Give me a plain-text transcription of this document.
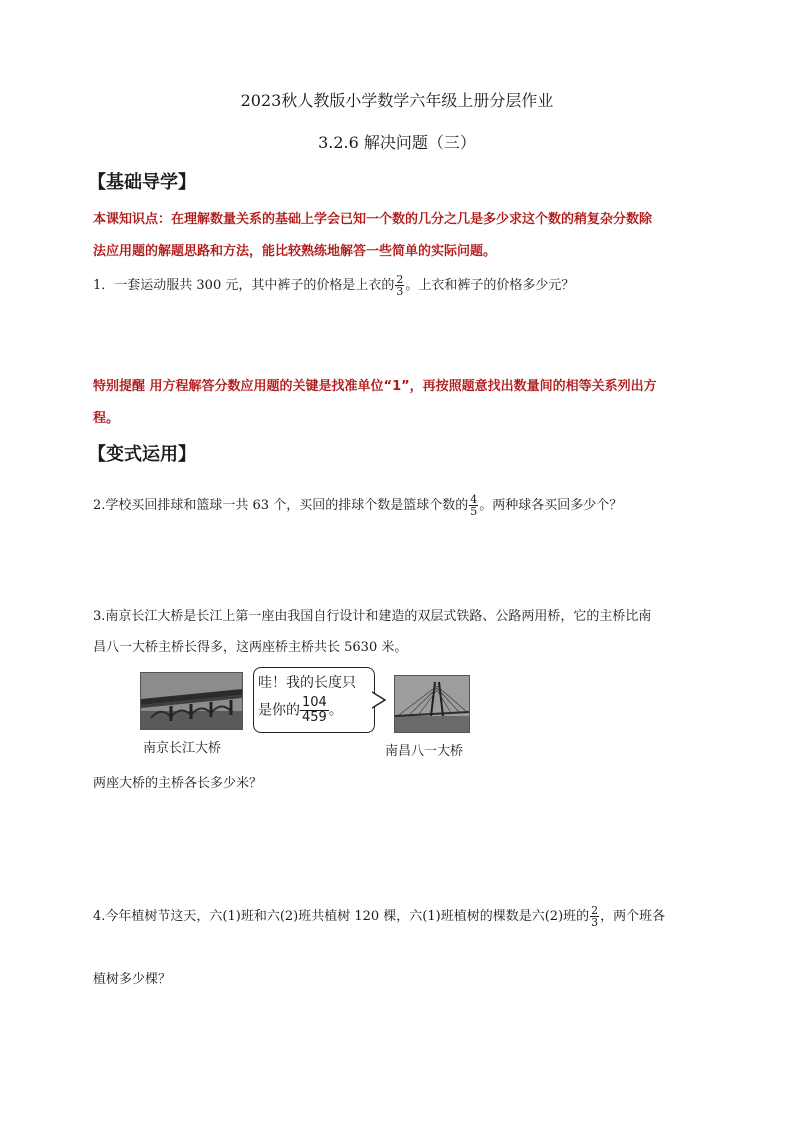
2023秋人教版小学数学六年级上册分层作业
3.2.6 解决问题（三）
【基础导学】
本课知识点：在理解数量关系的基础上学会已知一个数的几分之几是多少求这个数的稍复杂分数除
法应用题的解题思路和方法，能比较熟练地解答一些简单的实际问题。
1．一套运动服共 300 元，其中裤子的价格是上衣的 $\frac{2}{3}$ 。上衣和裤子的价格多少元？
特别提醒 用方程解答分数应用题的关键是找准单位“1”，再按照题意找出数量间的相等关系列出方
程。
【变式运用】
2.学校买回排球和篮球一共 63 个，买回的排球个数是篮球个数的 $\frac{4}{5}$ 。两种球各买回多少个？
3.南京长江大桥是长江上第一座由我国自行设计和建造的双层式铁路、公路两用桥，它的主桥比南
昌八一大桥主桥长得多，这两座桥主桥共长 5630 米。
南京长江大桥
哇！我的长度只
是你的 $\frac{104}{459}$ 。
南昌八一大桥
两座大桥的主桥各长多少米？
4.今年植树节这天，六(1)班和六(2)班共植树 120 棵，六(1)班植树的棵数是六(2)班的 $\frac{2}{3}$ ，两个班各
植树多少棵？
